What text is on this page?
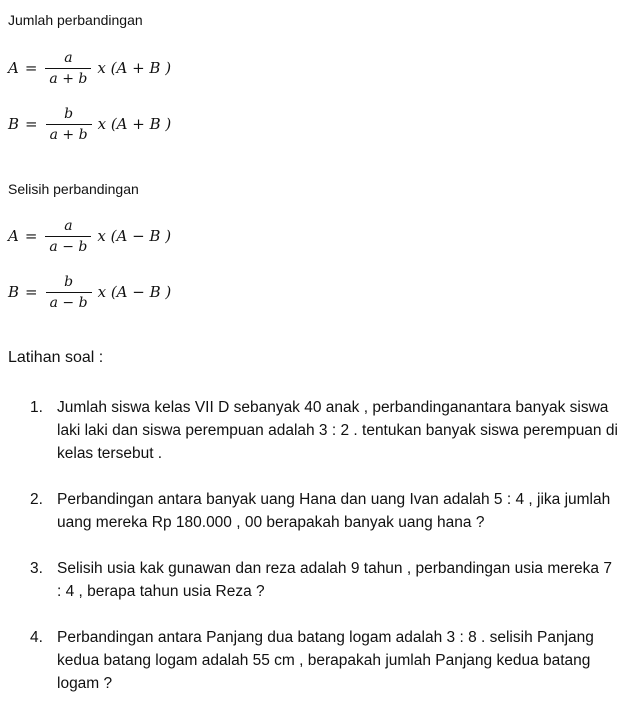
Jumlah perbandingan
$A = \frac{a}{a + b}$ x (A + B )
$B = \frac{b}{a + b}$ x (A + B )
Selisih perbandingan
$A = \frac{a}{a - b}$ x (A − B )
$B = \frac{b}{a - b}$ x (A − B )
Latihan soal :
1. Jumlah siswa kelas VII D sebanyak 40 anak , perbandinganantara banyak siswa laki laki dan siswa perempuan adalah 3 : 2 . tentukan banyak siswa perempuan di kelas tersebut .
2. Perbandingan antara banyak uang Hana dan uang Ivan adalah 5 : 4 , jika jumlah uang mereka Rp 180.000 , 00 berapakah banyak uang hana ?
3. Selisih usia kak gunawan dan reza adalah 9 tahun , perbandingan usia mereka 7 : 4 , berapa tahun usia Reza ?
4. Perbandingan antara Panjang dua batang logam adalah 3 : 8 . selisih Panjang kedua batang logam adalah 55 cm , berapakah jumlah Panjang kedua batang logam ?
